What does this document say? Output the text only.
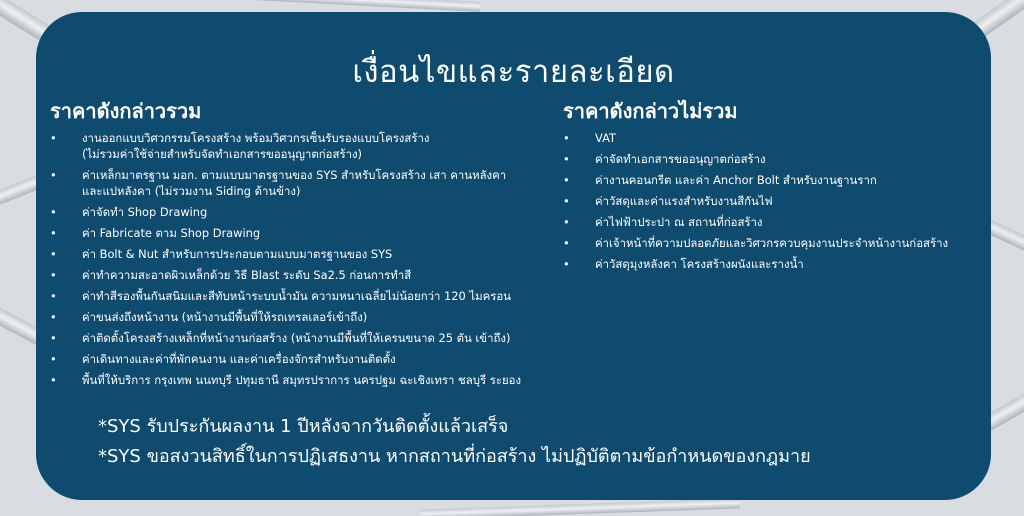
เงื่อนไขและรายละเอียด
ราคาดังกล่าวรวม
• งานออกแบบวิศวกรรมโครงสร้าง พร้อมวิศวกรเซ็นรับรองแบบโครงสร้าง
(ไม่รวมค่าใช้จ่ายสำหรับจัดทำเอกสารขออนุญาตก่อสร้าง)
• ค่าเหล็กมาตรฐาน มอก. ตามแบบมาตรฐานของ SYS สำหรับโครงสร้าง เสา คานหลังคา
และแปหลังคา (ไม่รวมงาน Siding ด้านข้าง)
• ค่าจัดทำ Shop Drawing
• ค่า Fabricate ตาม Shop Drawing
• ค่า Bolt & Nut สำหรับการประกอบตามแบบมาตรฐานของ SYS
• ค่าทำความสะอาดผิวเหล็กด้วย วิธี Blast ระดับ Sa2.5 ก่อนการทำสี
• ค่าทำสีรองพื้นกันสนิมและสีทับหน้าระบบน้ำมัน ความหนาเฉลี่ยไม่น้อยกว่า 120 ไมครอน
• ค่าขนส่งถึงหน้างาน (หน้างานมีพื้นที่ให้รถเทรลเลอร์เข้าถึง)
• ค่าติดตั้งโครงสร้างเหล็กที่หน้างานก่อสร้าง (หน้างานมีพื้นที่ให้เครนขนาด 25 ตัน เข้าถึง)
• ค่าเดินทางและค่าที่พักคนงาน และค่าเครื่องจักรสำหรับงานติดตั้ง
• พื้นที่ให้บริการ กรุงเทพ นนทบุรี ปทุมธานี สมุทรปราการ นครปฐม ฉะเชิงเทรา ชลบุรี ระยอง
ราคาดังกล่าวไม่รวม
• VAT
• ค่าจัดทำเอกสารขออนุญาตก่อสร้าง
• ค่างานคอนกรีต และค่า Anchor Bolt สำหรับงานฐานราก
• ค่าวัสดุและค่าแรงสำหรับงานสีกันไฟ
• ค่าไฟฟ้าประปา ณ สถานที่ก่อสร้าง
• ค่าเจ้าหน้าที่ความปลอดภัยและวิศวกรควบคุมงานประจำหน้างานก่อสร้าง
• ค่าวัสดุมุงหลังคา โครงสร้างผนังและรางน้ำ
*SYS รับประกันผลงาน 1 ปีหลังจากวันติดตั้งแล้วเสร็จ
*SYS ขอสงวนสิทธิ์ในการปฏิเสธงาน หากสถานที่ก่อสร้าง ไม่ปฏิบัติตามข้อกำหนดของกฎมาย
